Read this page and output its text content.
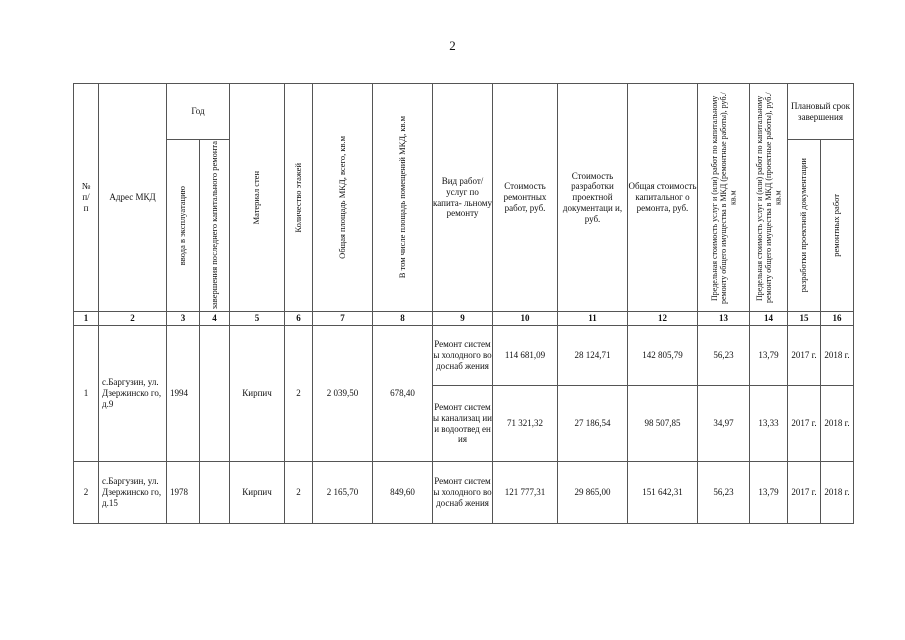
2
№
п/
п	Адрес МКД	Год		Материал стен	Количество этажей	Общая площадь МКД, всего, кв.м	В том числе площадь помещений МКД, кв.м	Вид работ/ услуг по капита- льному ремонту	Стоимость ремонтных работ, руб.	Стоимость разработки проектной документаци и, руб.	Общая стоимость капитальног о ремонта, руб.	Предельная стоимость услуг и (или) работ по капитальному ремонту общего имущества в МКД (ремонтные работы), руб./кв.м	Предельная стоимость услуг и (или) работ по капитальному ремонту общего имущества в МКД (проектные работы), руб./кв.м	Плановый срок завершения	

		ввода в эксплуатацию	завершения последнего капитального ремонта											разработки проектной документации	ремонтных работ

1	2	3	4	5	6	7	8	9	10	11	12	13	14	15	16
1	с.Баргузин, ул. Дзержинско го, д.9	1994		Кирпич	2	2 039,50	678,40	Ремонт системы холодного водоснаб жения	114 681,09	28 124,71	142 805,79	56,23	13,79	2017 г.	2018 г.
								Ремонт системы канализац ии и водоотвед ения	71 321,32	27 186,54	98 507,85	34,97	13,33	2017 г.	2018 г.
2	с.Баргузин, ул. Дзержинско го, д.15	1978		Кирпич	2	2 165,70	849,60	Ремонт системы холодного водоснаб жения	121 777,31	29 865,00	151 642,31	56,23	13,79	2017 г.	2018 г.
